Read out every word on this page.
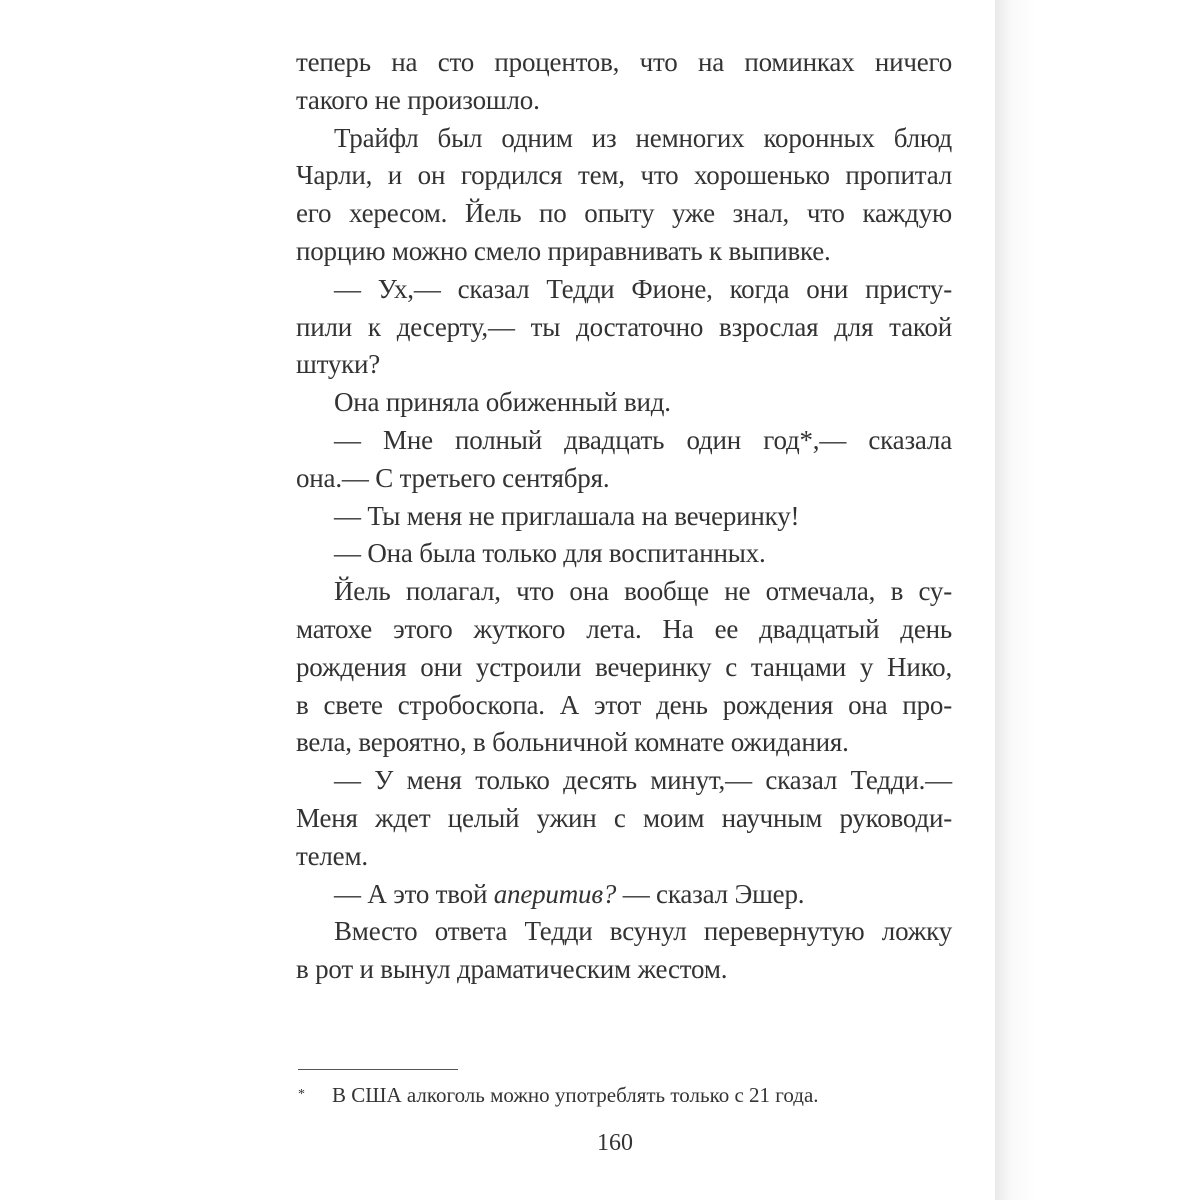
теперь на сто процентов, что на поминках ничего
такого не произошло.
Трайфл был одним из немногих коронных блюд
Чарли, и он гордился тем, что хорошенько пропитал
его хересом. Йель по опыту уже знал, что каждую
порцию можно смело приравнивать к выпивке.
— Ух,— сказал Тедди Фионе, когда они присту-
пили к десерту,— ты достаточно взрослая для такой
штуки?
Она приняла обиженный вид.
— Мне полный двадцать один год*,— сказала
она.— С третьего сентября.
— Ты меня не приглашала на вечеринку!
— Она была только для воспитанных.
Йель полагал, что она вообще не отмечала, в су-
матохе этого жуткого лета. На ее двадцатый день
рождения они устроили вечеринку с танцами у Нико,
в свете стробоскопа. А этот день рождения она про-
вела, вероятно, в больничной комнате ожидания.
— У меня только десять минут,— сказал Тедди.—
Меня ждет целый ужин с моим научным руководи-
телем.
— А это твой аперитив? — сказал Эшер.
Вместо ответа Тедди всунул перевернутую ложку
в рот и вынул драматическим жестом.
* В США алкоголь можно употреблять только с 21 года.
160
